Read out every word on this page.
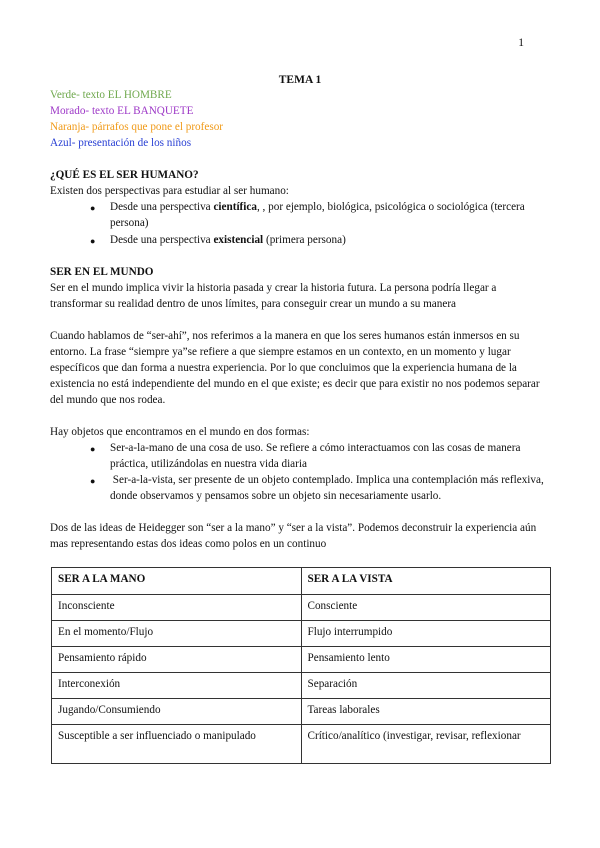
1
TEMA 1
Verde- texto EL HOMBRE
Morado- texto EL BANQUETE
Naranja- párrafos que pone el profesor
Azul- presentación de los niños
¿QUÉ ES EL SER HUMANO?
Existen dos perspectivas para estudiar al ser humano:
● Desde una perspectiva científica, , por ejemplo, biológica, psicológica o sociológica (tercera persona)
● Desde una perspectiva existencial (primera persona)
SER EN EL MUNDO
Ser en el mundo implica vivir la historia pasada y crear la historia futura. La persona podría llegar a transformar su realidad dentro de unos límites, para conseguir crear un mundo a su manera
Cuando hablamos de “ser-ahí”, nos referimos a la manera en que los seres humanos están inmersos en su entorno. La frase “siempre ya”se refiere a que siempre estamos en un contexto, en un momento y lugar específicos que dan forma a nuestra experiencia. Por lo que concluimos que la experiencia humana de la existencia no está independiente del mundo en el que existe; es decir que para existir no nos podemos separar del mundo que nos rodea.
Hay objetos que encontramos en el mundo en dos formas:
● Ser-a-la-mano de una cosa de uso. Se refiere a cómo interactuamos con las cosas de manera práctica, utilizándolas en nuestra vida diaria
● Ser-a-la-vista, ser presente de un objeto contemplado. Implica una contemplación más reflexiva, donde observamos y pensamos sobre un objeto sin necesariamente usarlo.
Dos de las ideas de Heidegger son “ser a la mano” y “ser a la vista”. Podemos deconstruir la experiencia aún mas representando estas dos ideas como polos en un continuo
SER A LA MANO	SER A LA VISTA
Inconsciente	Consciente
En el momento/Flujo	Flujo interrumpido
Pensamiento rápido	Pensamiento lento
Interconexión	Separación
Jugando/Consumiendo	Tareas laborales
Susceptible a ser influenciado o manipulado	Crítico/analítico (investigar, revisar, reflexionar
